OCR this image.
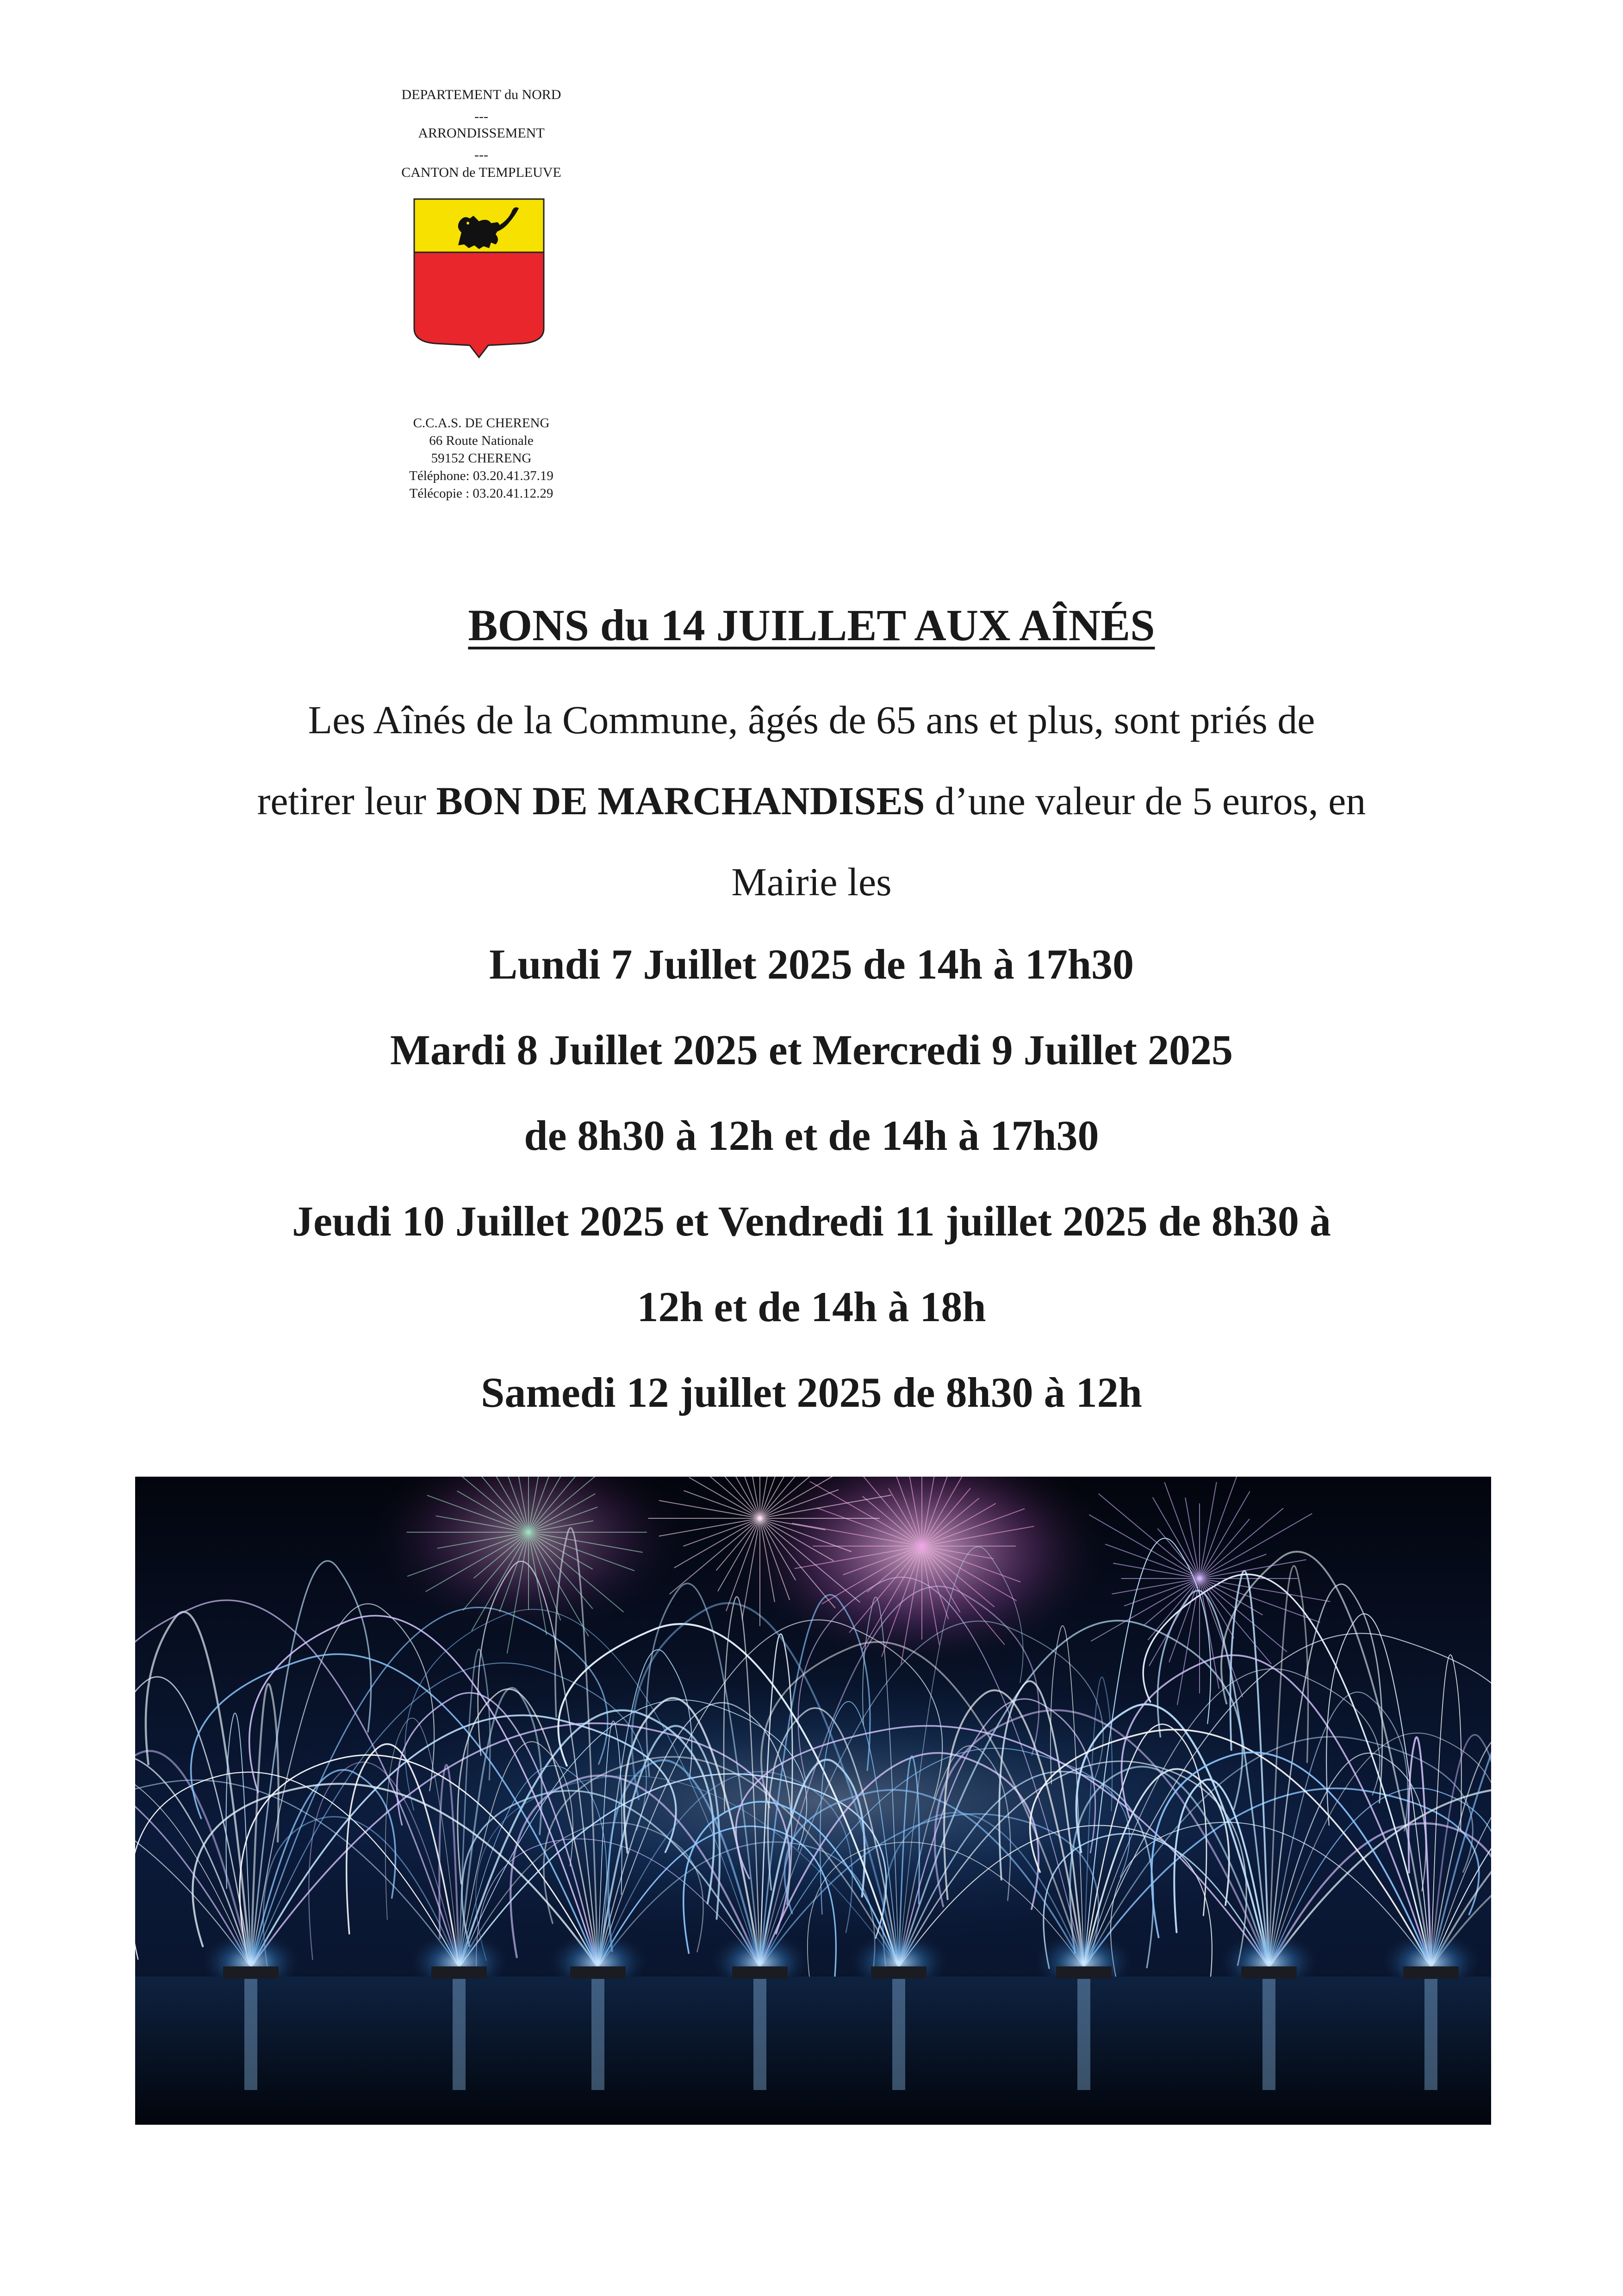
DEPARTEMENT du NORD
---
ARRONDISSEMENT
---
CANTON de TEMPLEUVE
C.C.A.S. DE CHERENG
66 Route Nationale
59152 CHERENG
Téléphone: 03.20.41.37.19
Télécopie : 03.20.41.12.29
BONS du 14 JUILLET AUX AÎNÉS
Les Aînés de la Commune, âgés de 65 ans et plus, sont priés de
retirer leur BON DE MARCHANDISES d’une valeur de 5 euros, en
Mairie les
Lundi 7 Juillet 2025 de 14h à 17h30
Mardi 8 Juillet 2025 et Mercredi 9 Juillet 2025
de 8h30 à 12h et de 14h à 17h30
Jeudi 10 Juillet 2025 et Vendredi 11 juillet 2025 de 8h30 à
12h et de 14h à 18h
Samedi 12 juillet 2025 de 8h30 à 12h
